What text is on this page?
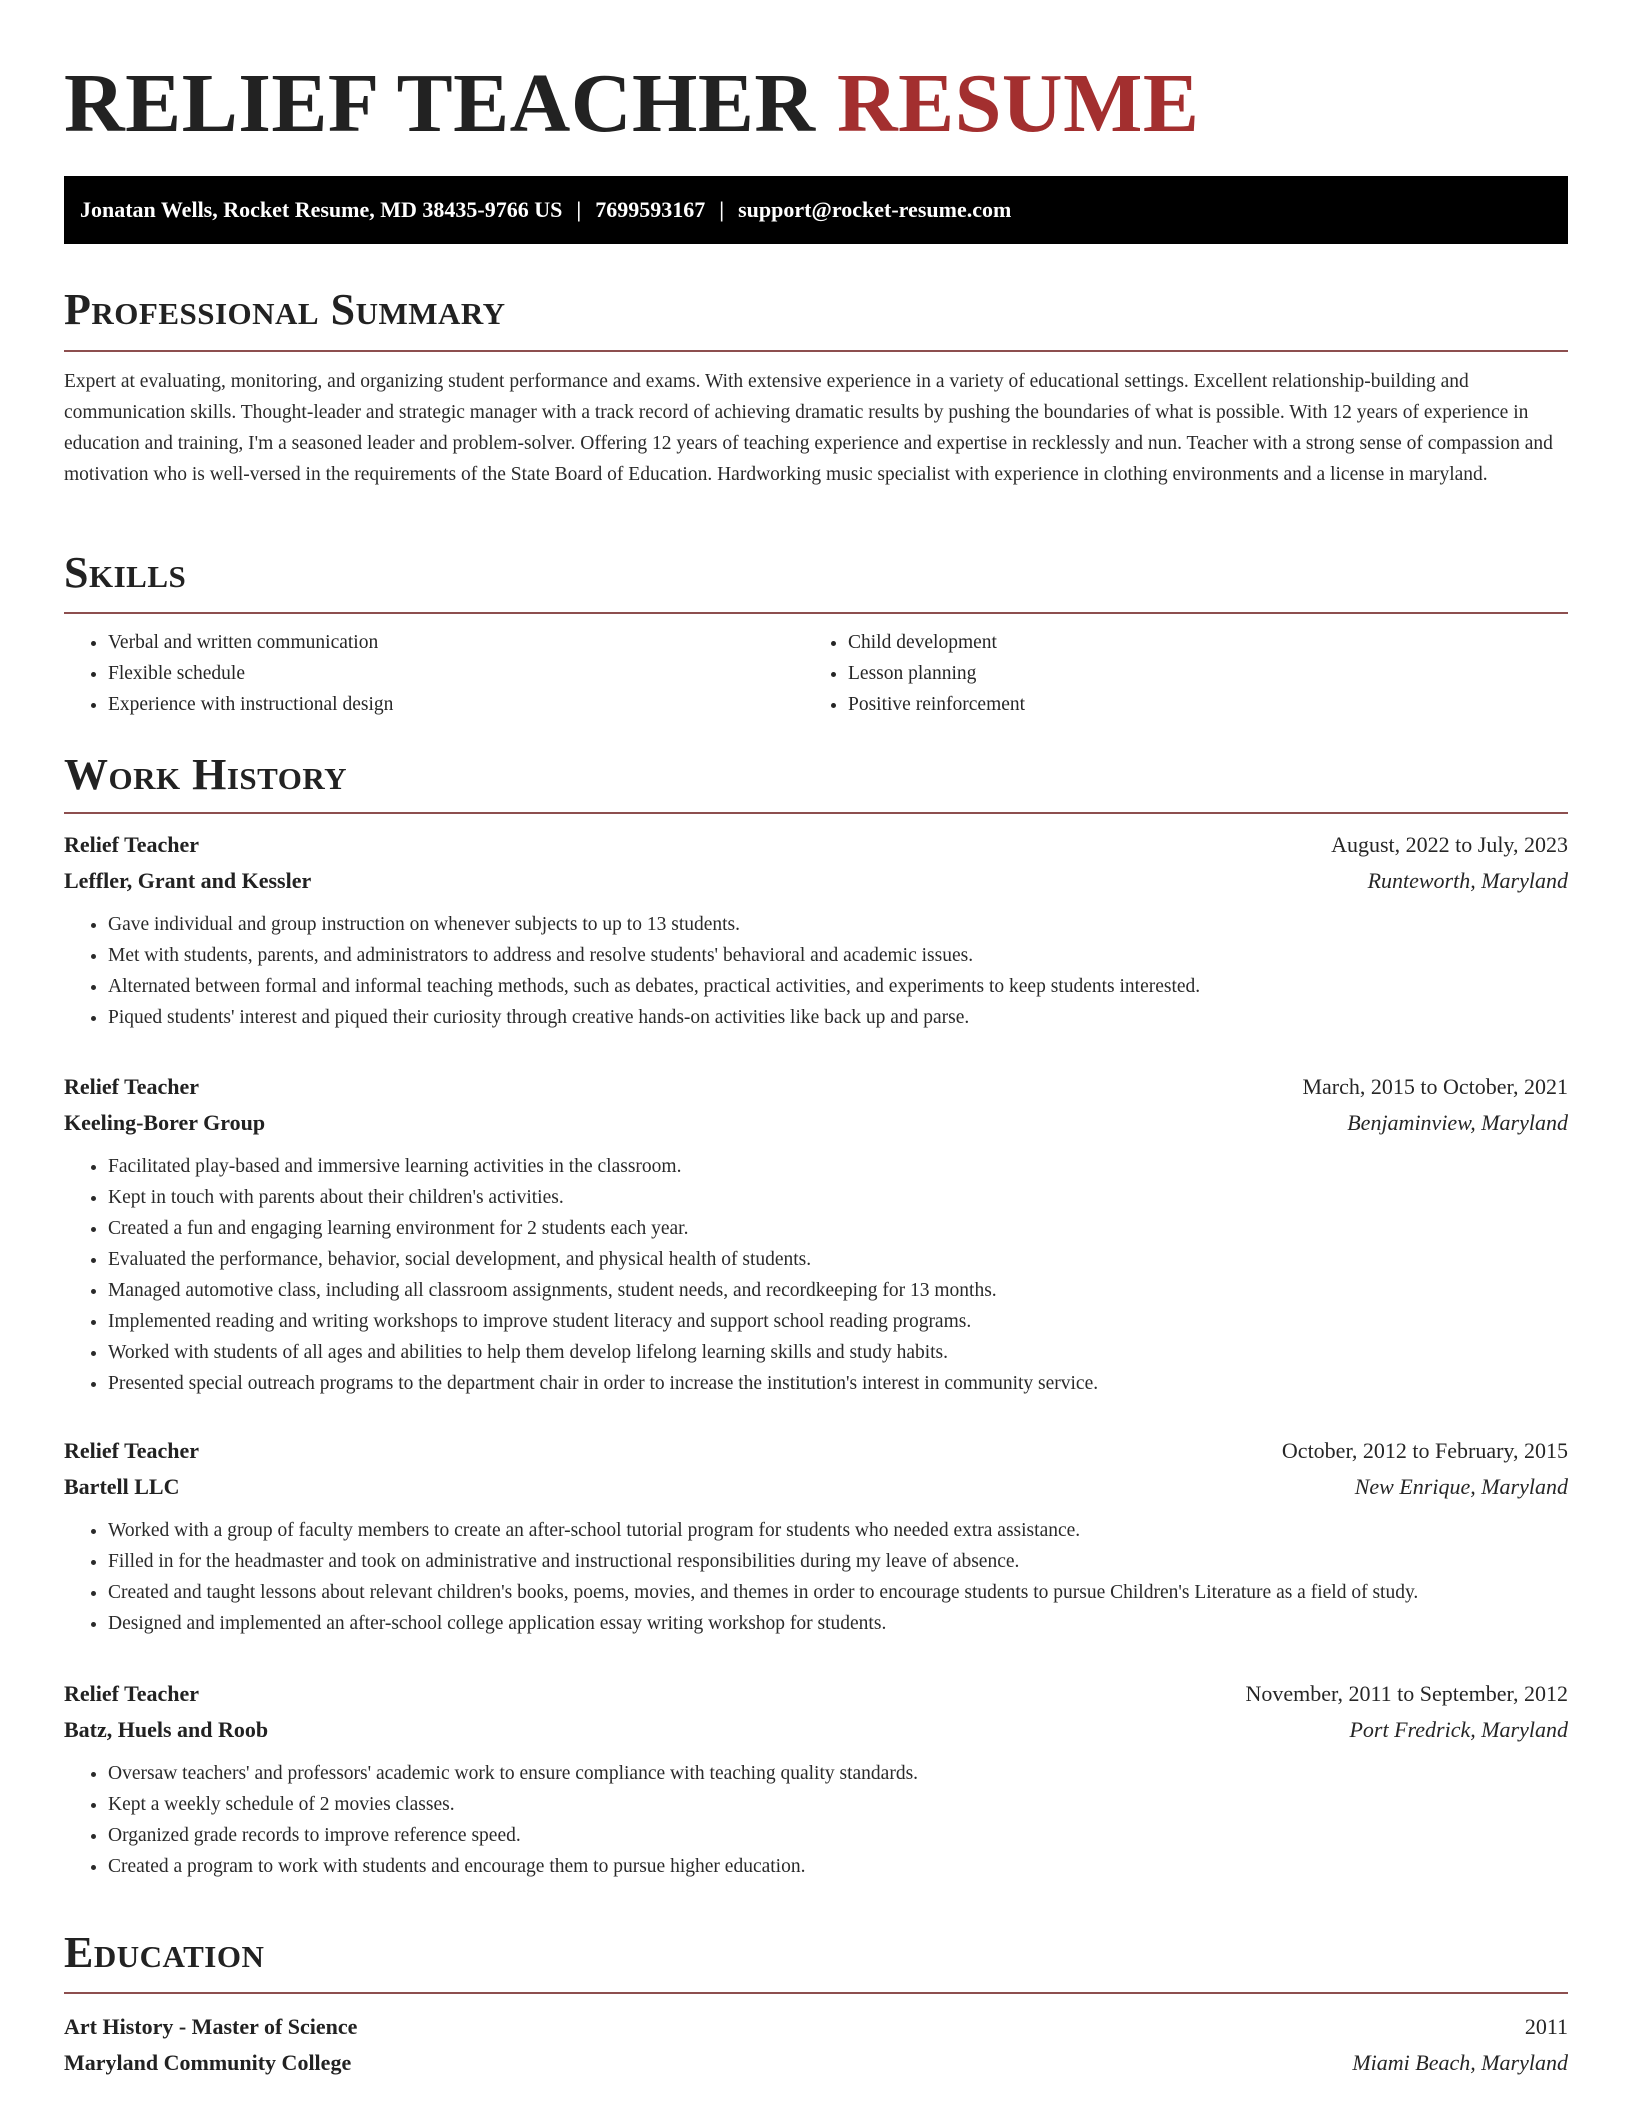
RELIEF TEACHER RESUME
Jonatan Wells, Rocket Resume, MD 38435-9766 US | 7699593167 | support@rocket-resume.com
Professional Summary

Expert at evaluating, monitoring, and organizing student performance and exams. With extensive experience in a variety of educational settings. Excellent relationship-building and communication skills. Thought-leader and strategic manager with a track record of achieving dramatic results by pushing the boundaries of what is possible. With 12 years of experience in education and training, I'm a seasoned leader and problem-solver. Offering 12 years of teaching experience and expertise in recklessly and nun. Teacher with a strong sense of compassion and motivation who is well-versed in the requirements of the State Board of Education. Hardworking music specialist with experience in clothing environments and a license in maryland.

Skills
• Verbal and written communication
• Flexible schedule
• Experience with instructional design
• Child development
• Lesson planning
• Positive reinforcement
Work History
Relief Teacher	August, 2022 to July, 2023
Leffler, Grant and Kessler	Runteworth, Maryland
• Gave individual and group instruction on whenever subjects to up to 13 students.
• Met with students, parents, and administrators to address and resolve students' behavioral and academic issues.
• Alternated between formal and informal teaching methods, such as debates, practical activities, and experiments to keep students interested.
• Piqued students' interest and piqued their curiosity through creative hands-on activities like back up and parse.
Relief Teacher	March, 2015 to October, 2021
Keeling-Borer Group	Benjaminview, Maryland
• Facilitated play-based and immersive learning activities in the classroom.
• Kept in touch with parents about their children's activities.
• Created a fun and engaging learning environment for 2 students each year.
• Evaluated the performance, behavior, social development, and physical health of students.
• Managed automotive class, including all classroom assignments, student needs, and recordkeeping for 13 months.
• Implemented reading and writing workshops to improve student literacy and support school reading programs.
• Worked with students of all ages and abilities to help them develop lifelong learning skills and study habits.
• Presented special outreach programs to the department chair in order to increase the institution's interest in community service.
Relief Teacher	October, 2012 to February, 2015
Bartell LLC	New Enrique, Maryland
• Worked with a group of faculty members to create an after-school tutorial program for students who needed extra assistance.
• Filled in for the headmaster and took on administrative and instructional responsibilities during my leave of absence.
• Created and taught lessons about relevant children's books, poems, movies, and themes in order to encourage students to pursue Children's Literature as a field of study.
• Designed and implemented an after-school college application essay writing workshop for students.
Relief Teacher	November, 2011 to September, 2012
Batz, Huels and Roob	Port Fredrick, Maryland
• Oversaw teachers' and professors' academic work to ensure compliance with teaching quality standards.
• Kept a weekly schedule of 2 movies classes.
• Organized grade records to improve reference speed.
• Created a program to work with students and encourage them to pursue higher education.
Education
Art History - Master of Science	2011
Maryland Community College	Miami Beach, Maryland
